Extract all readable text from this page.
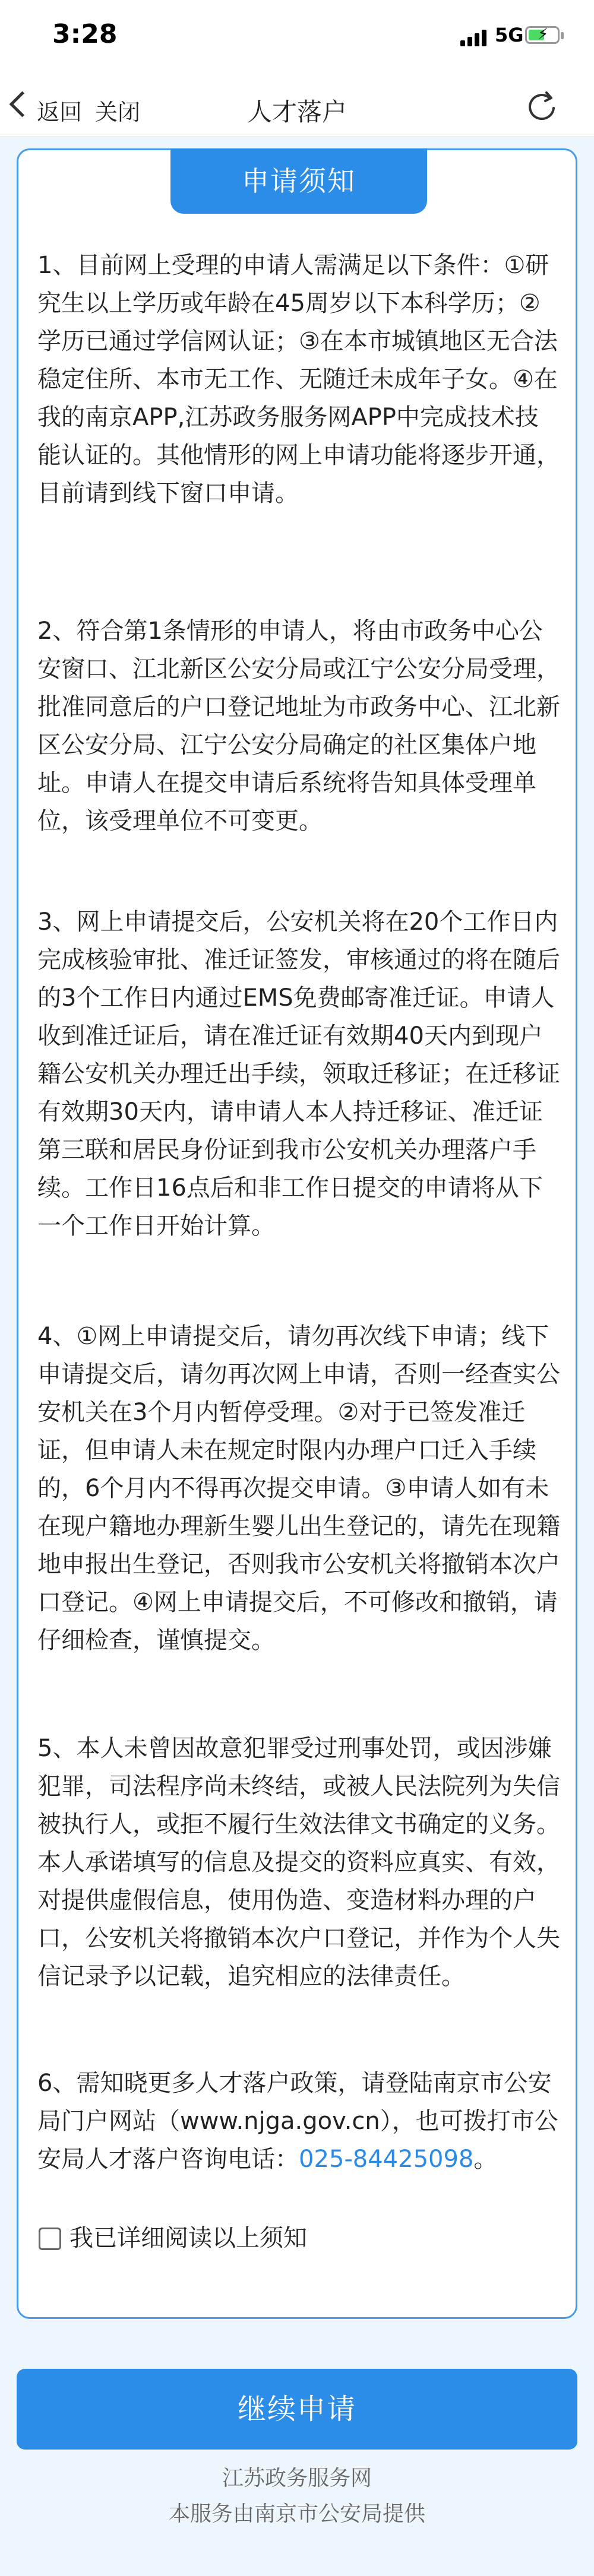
3:28	5G ⚡
返回 关闭	人才落户
申请须知

1、目前网上受理的申请人需满足以下条件：①研究生以上学历或年龄在45周岁以下本科学历；②学历已通过学信网认证；③在本市城镇地区无合法稳定住所、本市无工作、无随迁未成年子女。④在我的南京APP,江苏政务服务网APP中完成技术技能认证的。其他情形的网上申请功能将逐步开通，目前请到线下窗口申请。

2、符合第1条情形的申请人，将由市政务中心公安窗口、江北新区公安分局或江宁公安分局受理，批准同意后的户口登记地址为市政务中心、江北新区公安分局、江宁公安分局确定的社区集体户地址。申请人在提交申请后系统将告知具体受理单位，该受理单位不可变更。

3、网上申请提交后，公安机关将在20个工作日内完成核验审批、准迁证签发，审核通过的将在随后的3个工作日内通过EMS免费邮寄准迁证。申请人收到准迁证后，请在准迁证有效期40天内到现户籍公安机关办理迁出手续，领取迁移证；在迁移证有效期30天内，请申请人本人持迁移证、准迁证第三联和居民身份证到我市公安机关办理落户手续。工作日16点后和非工作日提交的申请将从下一个工作日开始计算。

4、①网上申请提交后，请勿再次线下申请；线下申请提交后，请勿再次网上申请，否则一经查实公安机关在3个月内暂停受理。②对于已签发准迁证，但申请人未在规定时限内办理户口迁入手续的，6个月内不得再次提交申请。③申请人如有未在现户籍地办理新生婴儿出生登记的，请先在现籍地申报出生登记，否则我市公安机关将撤销本次户口登记。④网上申请提交后，不可修改和撤销，请仔细检查，谨慎提交。

5、本人未曾因故意犯罪受过刑事处罚，或因涉嫌犯罪，司法程序尚未终结，或被人民法院列为失信被执行人，或拒不履行生效法律文书确定的义务。本人承诺填写的信息及提交的资料应真实、有效，对提供虚假信息，使用伪造、变造材料办理的户口，公安机关将撤销本次户口登记，并作为个人失信记录予以记载，追究相应的法律责任。

6、需知晓更多人才落户政策，请登陆南京市公安局门户网站（www.njga.gov.cn），也可拨打市公安局人才落户咨询电话：025-84425098。

我已详细阅读以上须知
继续申请
江苏政务服务网
本服务由南京市公安局提供
